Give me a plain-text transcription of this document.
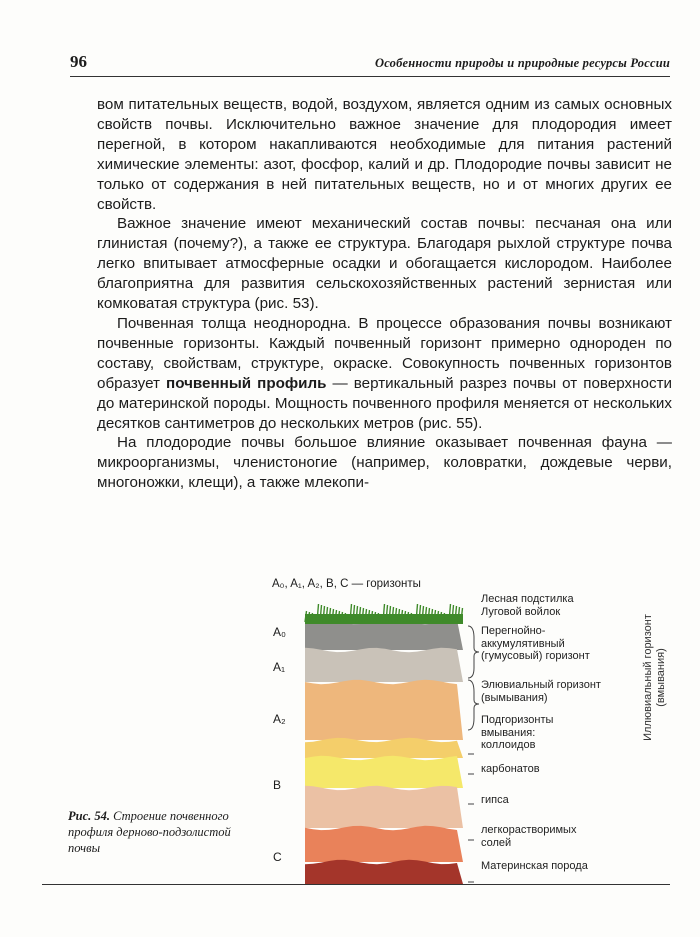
96	Особенности природы и природные ресурсы России

вом питательных веществ, водой, воздухом, является одним из самых основных свойств почвы. Исключительно важное значение для плодородия имеет перегной, в котором накапливаются необходимые для питания растений химические элементы: азот, фосфор, калий и др. Плодородие почвы зависит не только от содержания в ней питательных веществ, но и от многих других ее свойств.

Важное значение имеют механический состав почвы: песчаная она или глинистая (почему?), а также ее структура. Благодаря рыхлой структуре почва легко впитывает атмосферные осадки и обогащается кислородом. Наиболее благоприятна для развития сельскохозяйственных растений зернистая или комковатая структура (рис. 53).

Почвенная толща неоднородна. В процессе образования почвы возникают почвенные горизонты. Каждый почвенный горизонт примерно однороден по составу, свойствам, структуре, окраске. Совокупность почвенных горизонтов образует почвенный профиль — вертикальный разрез почвы от поверхности до материнской породы. Мощность почвенного профиля меняется от нескольких десятков сантиметров до нескольких метров (рис. 55).

На плодородие почвы большое влияние оказывает почвенная фауна — микроорганизмы, членистоногие (например, коловратки, дождевые черви, многоножки, клещи), а также млекопи-

A₀, A₁, A₂, B, C — горизонты
A₀
A₁
A₂
B
C
Лесная подстилка
Луговой войлок
Перегнойно-
аккумулятивный
(гумусовый) горизонт
Элювиальный горизонт
(вымывания)
Подгоризонты
вмывания:
коллоидов
карбонатов
гипса
легкорастворимых
солей
Материнская порода
Иллювиальный горизонт (вмывания)
Рис. 54. Строение почвенного профиля дерново-подзолистой почвы
